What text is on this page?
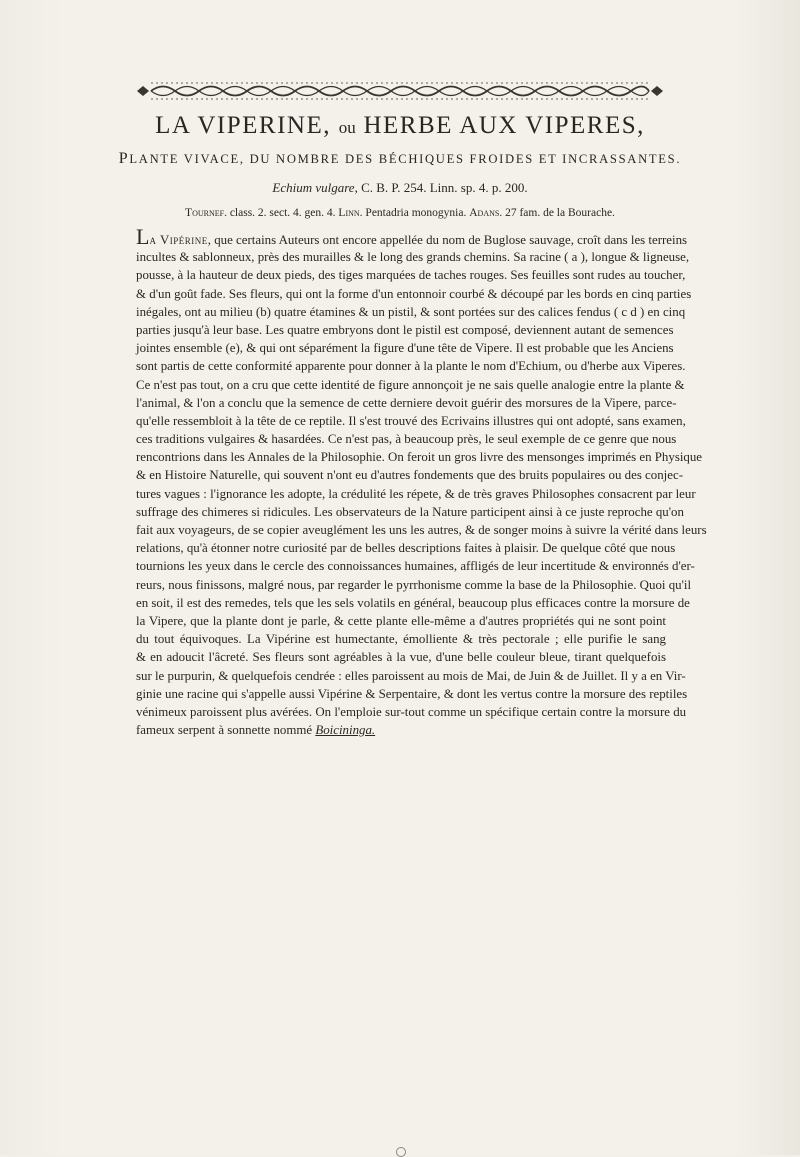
LA VIPERINE, ou HERBE AUX VIPERES,
PLANTE VIVACE, DU NOMBRE DES BÉCHIQUES FROIDES ET INCRASSANTES.
Echium vulgare, C. B. P. 254. Linn. sp. 4. p. 200.
Tournef. class. 2. sect. 4. gen. 4. Linn. Pentadria monogynia. Adans. 27 fam. de la Bourache.
La Vipérine, que certains Auteurs ont encore appellée du nom de Buglose sauvage, croît dans les terreins
incultes & sablonneux, près des murailles & le long des grands chemins. Sa racine ( a ), longue & ligneuse,
pousse, à la hauteur de deux pieds, des tiges marquées de taches rouges. Ses feuilles sont rudes au toucher,
& d'un goût fade. Ses fleurs, qui ont la forme d'un entonnoir courbé & découpé par les bords en cinq parties
inégales, ont au milieu (b) quatre étamines & un pistil, & sont portées sur des calices fendus ( c d ) en cinq
parties jusqu'à leur base. Les quatre embryons dont le pistil est composé, deviennent autant de semences
jointes ensemble (e), & qui ont séparément la figure d'une tête de Vipere. Il est probable que les Anciens
sont partis de cette conformité apparente pour donner à la plante le nom d'Echium, ou d'herbe aux Viperes.
Ce n'est pas tout, on a cru que cette identité de figure annonçoit je ne sais quelle analogie entre la plante &
l'animal, & l'on a conclu que la semence de cette derniere devoit guérir des morsures de la Vipere, parce-
qu'elle ressembloit à la tête de ce reptile. Il s'est trouvé des Ecrivains illustres qui ont adopté, sans examen,
ces traditions vulgaires & hasardées. Ce n'est pas, à beaucoup près, le seul exemple de ce genre que nous
rencontrions dans les Annales de la Philosophie. On feroit un gros livre des mensonges imprimés en Physique
& en Histoire Naturelle, qui souvent n'ont eu d'autres fondements que des bruits populaires ou des conjec-
tures vagues : l'ignorance les adopte, la crédulité les répete, & de très graves Philosophes consacrent par leur
suffrage des chimeres si ridicules. Les observateurs de la Nature participent ainsi à ce juste reproche qu'on
fait aux voyageurs, de se copier aveuglément les uns les autres, & de songer moins à suivre la vérité dans leurs
relations, qu'à étonner notre curiosité par de belles descriptions faites à plaisir. De quelque côté que nous
tournions les yeux dans le cercle des connoissances humaines, affligés de leur incertitude & environnés d'er-
reurs, nous finissons, malgré nous, par regarder le pyrrhonisme comme la base de la Philosophie. Quoi qu'il
en soit, il est des remedes, tels que les sels volatils en général, beaucoup plus efficaces contre la morsure de
la Vipere, que la plante dont je parle, & cette plante elle-même a d'autres propriétés qui ne sont point
du tout équivoques. La Vipérine est humectante, émolliente & très pectorale ; elle purifie le sang
& en adoucit l'âcreté. Ses fleurs sont agréables à la vue, d'une belle couleur bleue, tirant quelquefois
sur le purpurin, & quelquefois cendrée : elles paroissent au mois de Mai, de Juin & de Juillet. Il y a en Vir-
ginie une racine qui s'appelle aussi Vipérine & Serpentaire, & dont les vertus contre la morsure des reptiles
vénimeux paroissent plus avérées. On l'emploie sur-tout comme un spécifique certain contre la morsure du
fameux serpent à sonnette nommé Boicininga.
